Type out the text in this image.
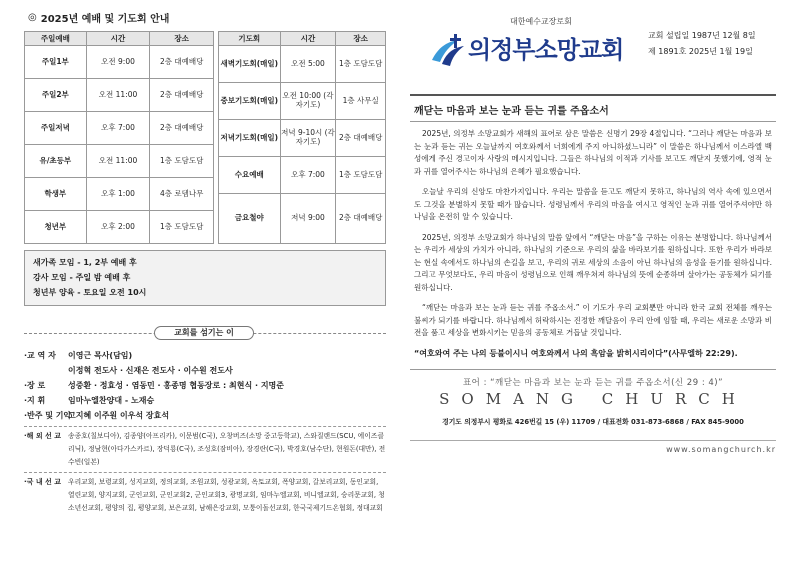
◎ 2025년 예배 및 기도회 안내
주일예배	시간	장소
주일1부	오전 9:00	2층 대예배당
주일2부	오전 11:00	2층 대예배당
주일저녁	오후 7:00	2층 대예배당
유/초등부	오전 11:00	1층 도담도담
학생부	오후 1:00	4층 로뎀나무
청년부	오후 2:00	1층 도담도담
기도회	시간	장소
새벽기도회(매일)	오전 5:00	1층 도담도담
중보기도회(매일)	오전 10:00 (각자기도)	1층 사무실
저녁기도회(매일)	저녁 9-10시 (각자기도)	2층 대예배당
수요예배	오후 7:00	1층 도담도담
금요철야	저녁 9:00	2층 대예배당
새가족 모임 - 1, 2부 예배 후
강사 모임 - 주일 밤 예배 후
청년부 양육 - 토요일 오전 10시
교회를 섬기는 이
·교 역 자	이영근 목사(담임)
이정혁 전도사 · 신재은 전도사 · 이수원 전도사
·장 로	성중환 · 정효성 · 염동민 · 홍종명 협동장로 : 최현식 · 지명준
·지 휘	임마누엘찬양대 - 노재승
·반주 및 기악
고지혜 이주원 이우석 장효석
·해 외 선 교	송종호(칠보디아), 김종양(아프리카), 이문범(C국), 오창버즈(소망 중고등학교), 스와질랜드(SCU, 에이즈클리닉), 정남현(아다가스카르), 장덕룡(C국), 조성호(잠비아), 장경란(C국), 박경호(남수단), 현원돈(대만), 전수빈(일본)
·국 내 선 교	우리교회, 보령교회, 성지교회, 정의교회, 조원교회, 성광교회, 옥토교회, 폭양교회, 갈보리교회, 동인교회, 열린교회, 양지교회, 군인교회, 군인교회2, 군인교회3, 광명교회, 임마누엘교회, 비니엘교회, 승리문교회, 청소년선교회, 평양의 집, 평양교회, 보은교회, 남해은강교회, 모퉁이돌선교회, 한국국제기드온협회, 정대교회
대한예수교장로회
의정부소망교회
교회 설립일 1987년 12월 8일
제 1891호 2025년 1월 19일
깨닫는 마음과 보는 눈과 듣는 귀를 주옵소서

2025년, 의정부 소망교회가 새해의 표어로 삼은 말씀은 신명기 29장 4절입니다. “그러나 깨닫는 마음과 보는 눈과 듣는 귀는 오늘날까지 여호와께서 너희에게 주지 아니하셨느니라” 이 말씀은 하나님께서 이스라엘 백성에게 주신 경고이자 사랑의 메시지입니다. 그들은 하나님의 이적과 기사를 보고도 깨닫지 못했기에, 영적 눈과 귀를 열어주시는 하나님의 은혜가 필요했습니다.

오늘날 우리의 신앙도 마찬가지입니다. 우리는 말씀을 듣고도 깨닫지 못하고, 하나님의 역사 속에 있으면서도 그것을 분별하지 못할 때가 많습니다. 성령님께서 우리의 마음을 여시고 영적인 눈과 귀를 열어주셔야만 하나님을 온전히 알 수 있습니다.

2025년, 의정부 소망교회가 하나님의 말씀 앞에서 “깨닫는 마음”을 구하는 이유는 분명합니다. 하나님께서는 우리가 세상의 가치가 아니라, 하나님의 기준으로 우리의 삶을 바라보기를 원하십니다. 또한 우리가 바라보는 현실 속에서도 하나님의 손길을 보고, 우리의 귀로 세상의 소음이 아닌 하나님의 음성을 듣기를 원하십니다. 그리고 무엇보다도, 우리 마음이 성령님으로 인해 깨우쳐져 하나님의 뜻에 순종하며 살아가는 공동체가 되기를 원하십니다.

“깨닫는 마음과 보는 눈과 듣는 귀를 주옵소서.” 이 기도가 우리 교회뿐만 아니라 한국 교회 전체를 깨우는 불씨가 되기를 바랍니다. 하나님께서 허락하시는 진정한 깨달음이 우리 안에 임할 때, 우리는 새로운 소망과 비전을 품고 세상을 변화시키는 믿음의 공동체로 거듭날 것입니다.

“여호와여 주는 나의 등불이시니 여호와께서 나의 흑암을 밝히시리이다”(사무엘하 22:29).
표어 : “깨닫는 마음과 보는 눈과 듣는 귀를 주옵소서(신 29 : 4)”
SOMANG CHURCH
경기도 의정부시 평화로 426번길 15 (우) 11709 / 대표전화 031-873-6868 / FAX 845-9000
www.somangchurch.kr
